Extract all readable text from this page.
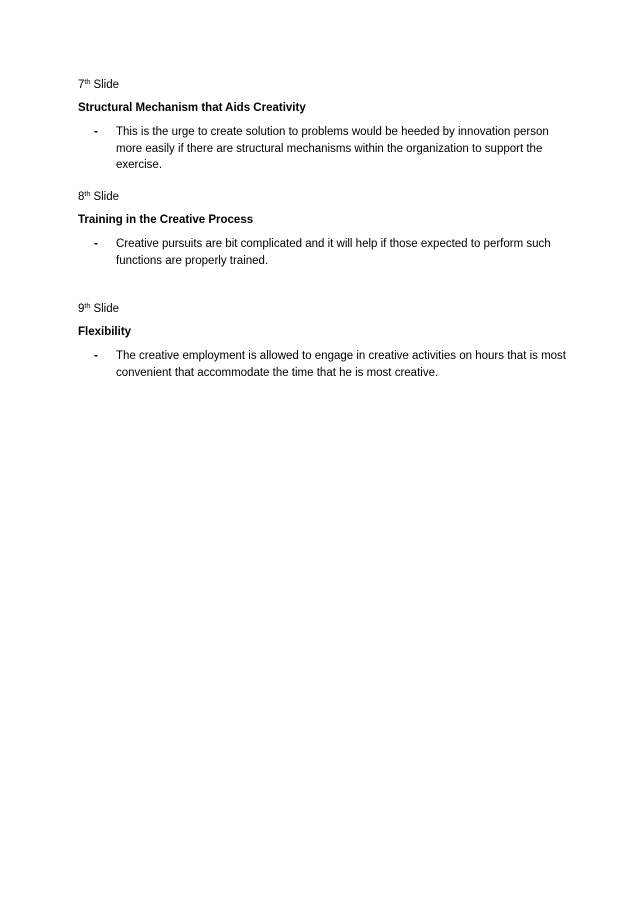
7th Slide

Structural Mechanism that Aids Creativity

-	This is the urge to create solution to problems would be heeded by innovation person more easily if there are structural mechanisms within the organization to support the exercise.

8th Slide

Training in the Creative Process

-	Creative pursuits are bit complicated and it will help if those expected to perform such functions are properly trained.

9th Slide

Flexibility

-	The creative employment is allowed to engage in creative activities on hours that is most convenient that accommodate the time that he is most creative.
